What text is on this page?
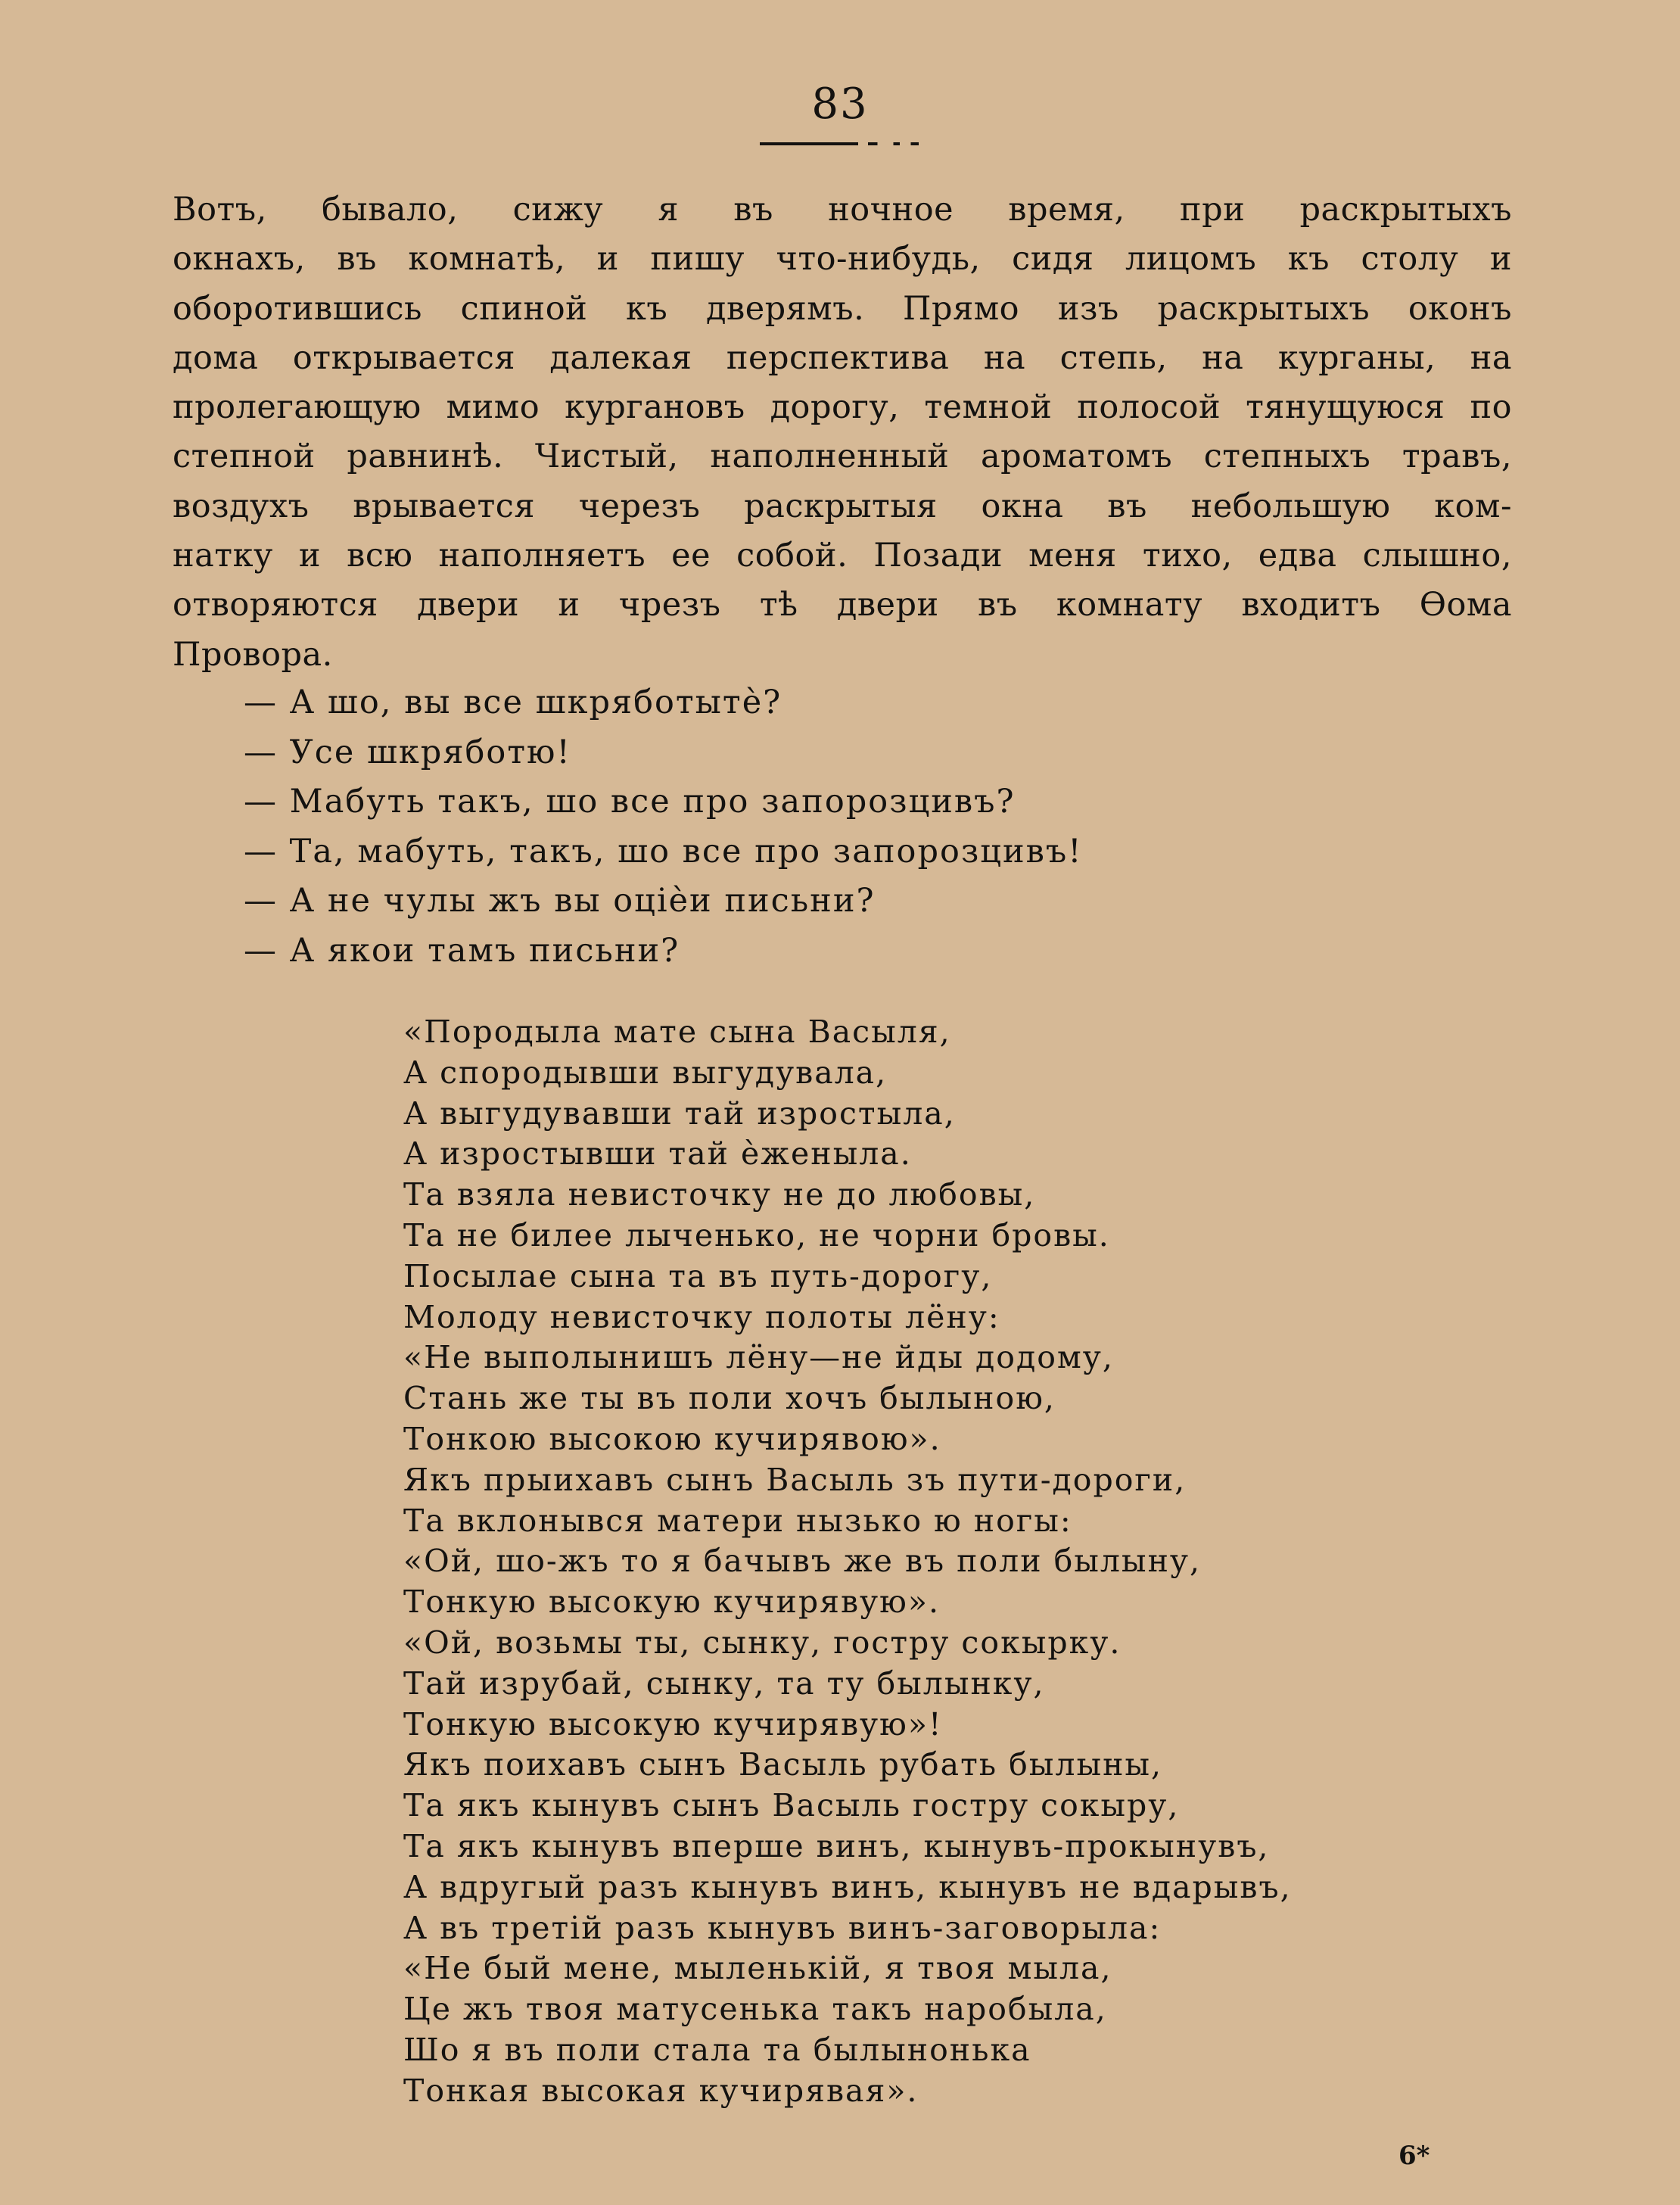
83
Вотъ, бывало, сижу я въ ночное время, при раскрытыхъ
окнахъ, въ комнатѣ, и пишу что-нибудь, сидя лицомъ къ столу и
оборотившись спиной къ дверямъ. Прямо изъ раскрытыхъ оконъ
дома открывается далекая перспектива на степь, на курганы, на
пролегающую мимо кургановъ дорогу, темной полосой тянущуюся по
степной равнинѣ. Чистый, наполненный ароматомъ степныхъ травъ,
воздухъ врывается черезъ раскрытыя окна въ небольшую ком-
натку и всю наполняетъ ее собой. Позади меня тихо, едва слышно,
отворяются двери и чрезъ тѣ двери въ комнату входитъ Ѳома
Провора.
— А шо, вы все шкряботытѐ?
— Усе шкряботю!
— Мабуть такъ, шо все про запорозцивъ?
— Та, мабуть, такъ, шо все про запорозцивъ!
— А не чулы жъ вы оціѐи письни?
— А якои тамъ письни?
«Породыла мате сына Васыля,
А спородывши выгудувала,
А выгудувавши тай изростыла,
А изростывши тай ѐженыла.
Та взяла невисточку не до любовы,
Та не билее лыченько, не чорни бровы.
Посылае сына та въ путь-дорогу,
Молоду невисточку полоты лёну:
«Не выполынишъ лёну—не йды додому,
Стань же ты въ поли хочъ былыною,
Тонкою высокою кучирявою».
Якъ прыихавъ сынъ Васыль зъ пути-дороги,
Та вклонывся матери нызько ю ногы:
«Ой, шо-жъ то я бачывъ же въ поли былыну,
Тонкую высокую кучирявую».
«Ой, возьмы ты, сынку, гостру сокырку.
Тай изрубай, сынку, та ту былынку,
Тонкую высокую кучирявую»!
Якъ поихавъ сынъ Васыль рубать былыны,
Та якъ кынувъ сынъ Васыль гостру сокыру,
Та якъ кынувъ вперше винъ, кынувъ-прокынувъ,
А вдругый разъ кынувъ винъ, кынувъ не вдарывъ,
А въ третій разъ кынувъ винъ-заговорыла:
«Не бый мене, мыленькій, я твоя мыла,
Це жъ твоя матусенька такъ наробыла,
Шо я въ поли стала та былынонька
Тонкая высокая кучирявая».
6*
